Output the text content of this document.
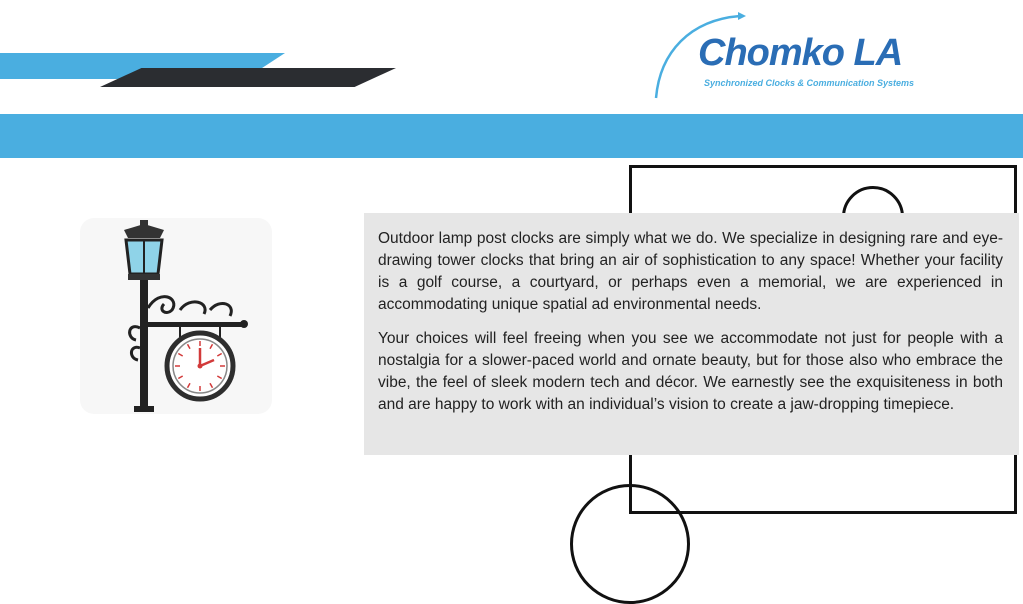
Chomko LA
Synchronized Clocks & Communication Systems

Outdoor lamp post clocks are simply what we do. We specialize in designing rare and eye-drawing tower clocks that bring an air of sophistication to any space! Whether your facility is a golf course, a courtyard, or perhaps even a memorial, we are experienced in accommodating unique spatial ad environmental needs.

Your choices will feel freeing when you see we accommodate not just for people with a nostalgia for a slower-paced world and ornate beauty, but for those also who embrace the vibe, the feel of sleek modern tech and décor. We earnestly see the exquisiteness in both and are happy to work with an individual’s vision to create a jaw-dropping timepiece.
